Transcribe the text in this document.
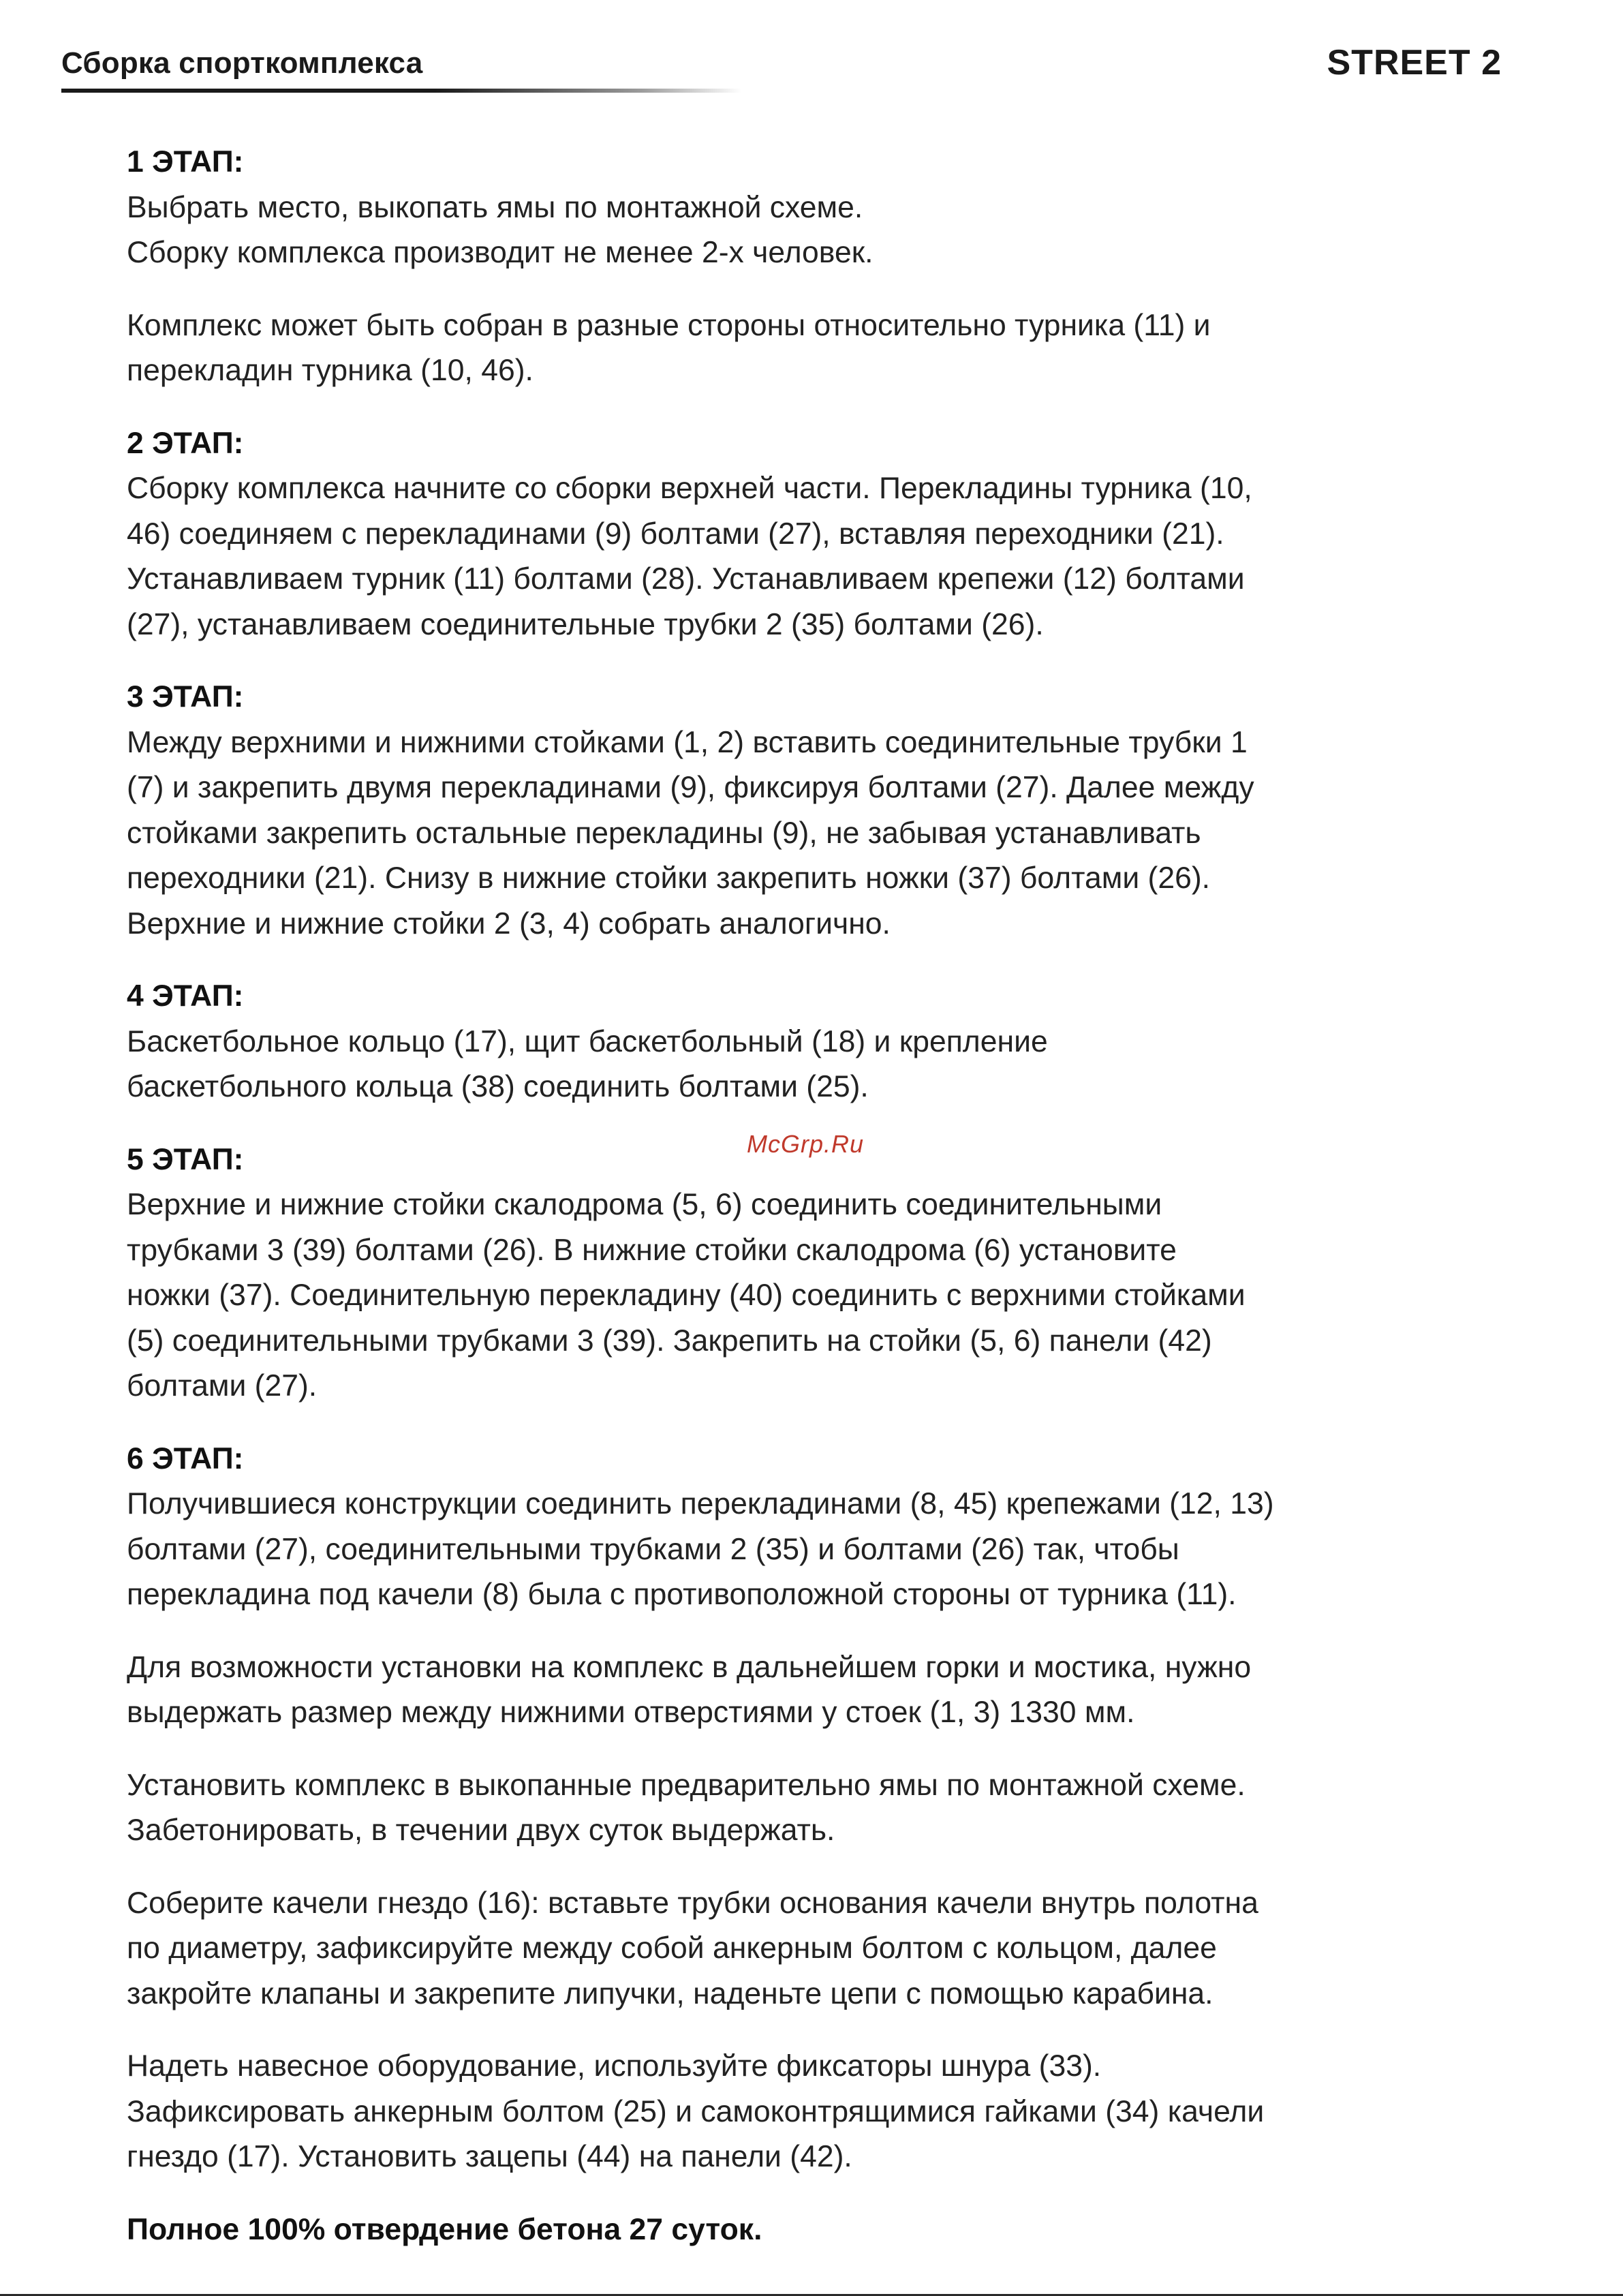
Сборка спорткомплекса	STREET 2
1 ЭТАП:
Выбрать место, выкопать ямы по монтажной схеме.
Сборку комплекса производит не менее 2-х человек.
Комплекс может быть собран в разные стороны относительно турника (11) и
перекладин турника (10, 46).
2 ЭТАП:
Сборку комплекса начните со сборки верхней части. Перекладины турника (10,
46) соединяем с перекладинами (9) болтами (27), вставляя переходники (21).
Устанавливаем турник (11) болтами (28). Устанавливаем крепежи (12) болтами
(27), устанавливаем соединительные трубки 2 (35) болтами (26).
3 ЭТАП:
Между верхними и нижними стойками (1, 2) вставить соединительные трубки 1
(7) и закрепить двумя перекладинами (9), фиксируя болтами (27). Далее между
стойками закрепить остальные перекладины (9), не забывая устанавливать
переходники (21). Снизу в нижние стойки закрепить ножки (37) болтами (26).
Верхние и нижние стойки 2 (3, 4) собрать аналогично.
4 ЭТАП:
Баскетбольное кольцо (17), щит баскетбольный (18) и крепление
баскетбольного кольца (38) соединить болтами (25).
5 ЭТАП:
Верхние и нижние стойки скалодрома (5, 6) соединить соединительными
трубками 3 (39) болтами (26). В нижние стойки скалодрома (6) установите
ножки (37). Соединительную перекладину (40) соединить с верхними стойками
(5) соединительными трубками 3 (39). Закрепить на стойки (5, 6) панели (42)
болтами (27).
6 ЭТАП:
Получившиеся конструкции соединить перекладинами (8, 45) крепежами (12, 13)
болтами (27), соединительными трубками 2 (35) и болтами (26) так, чтобы
перекладина под качели (8) была с противоположной стороны от турника (11).
Для возможности установки на комплекс в дальнейшем горки и мостика, нужно
выдержать размер между нижними отверстиями у стоек (1, 3) 1330 мм.
Установить комплекс в выкопанные предварительно ямы по монтажной схеме.
Забетонировать, в течении двух суток выдержать.
Соберите качели гнездо (16): вставьте трубки основания качели внутрь полотна
по диаметру, зафиксируйте между собой анкерным болтом с кольцом, далее
закройте клапаны и закрепите липучки, наденьте цепи с помощью карабина.
Надеть навесное оборудование, используйте фиксаторы шнура (33).
Зафиксировать анкерным болтом (25) и самоконтрящимися гайками (34) качели
гнездо (17). Установить зацепы (44) на панели (42).
Полное 100% отвердение бетона 27 суток.
McGrp.Ru
